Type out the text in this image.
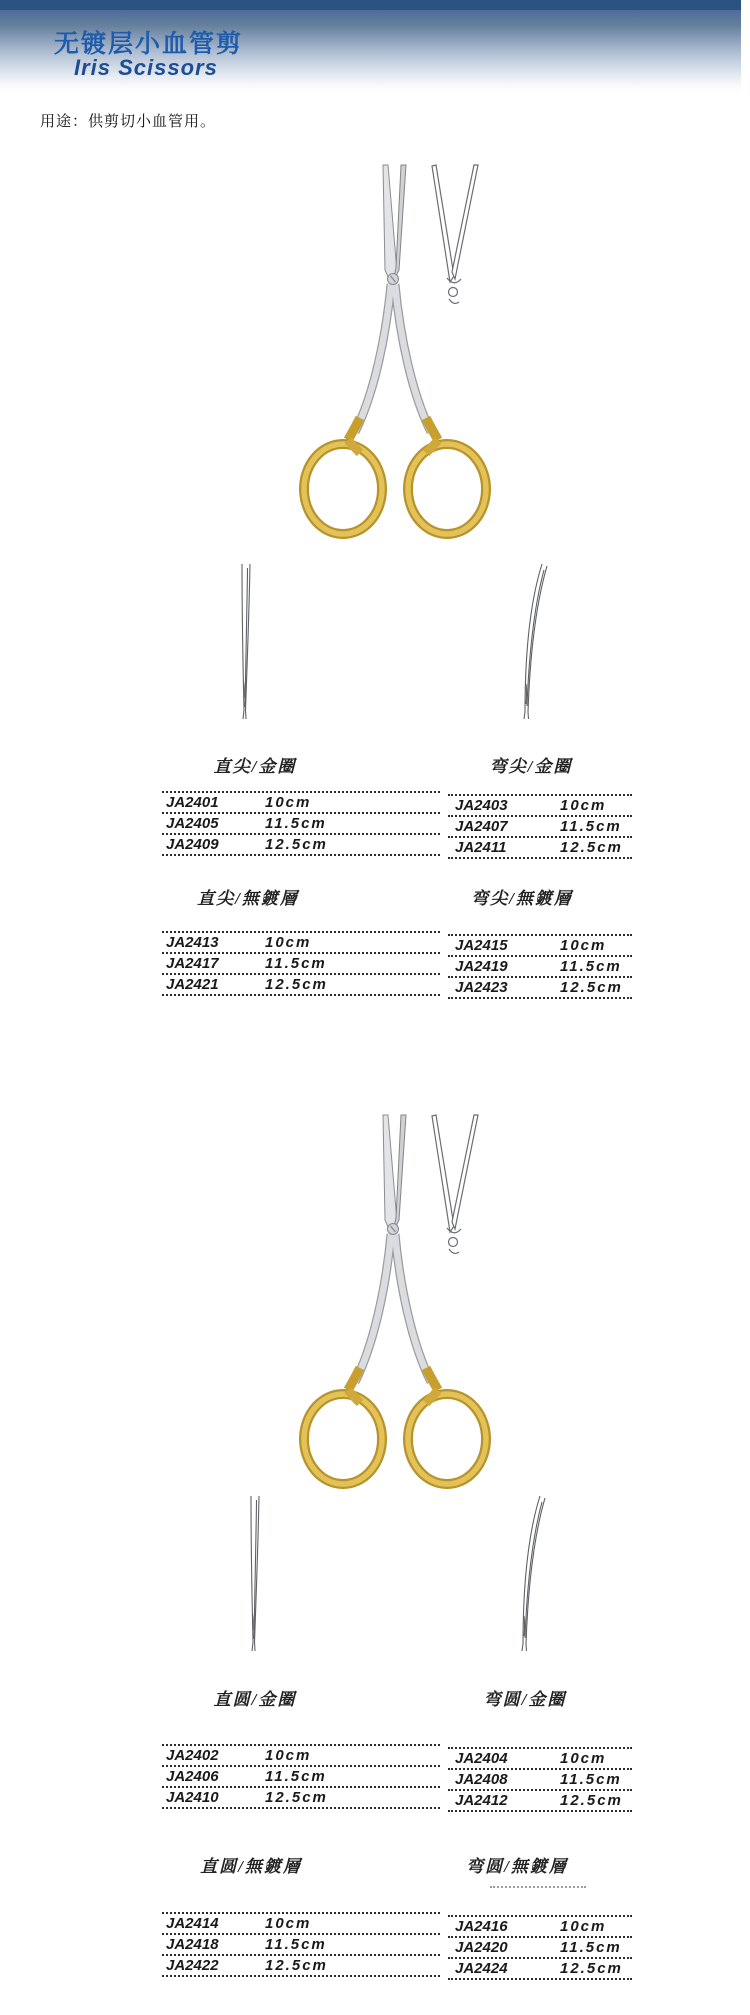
无镀层小血管剪
Iris Scissors
用途：供剪切小血管用。
直尖/金圈	弯尖/金圈
JA2401	10cm
JA2405	11.5cm
JA2409	12.5cm
JA2403	10cm
JA2407	11.5cm
JA2411	12.5cm
直尖/無鍍層	弯尖/無鍍層
JA2413	10cm
JA2417	11.5cm
JA2421	12.5cm
JA2415	10cm
JA2419	11.5cm
JA2423	12.5cm
直圆/金圈	弯圆/金圈
JA2402	10cm
JA2406	11.5cm
JA2410	12.5cm
JA2404	10cm
JA2408	11.5cm
JA2412	12.5cm
直圆/無鍍層	弯圆/無鍍層
JA2414	10cm
JA2418	11.5cm
JA2422	12.5cm
JA2416	10cm
JA2420	11.5cm
JA2424	12.5cm
